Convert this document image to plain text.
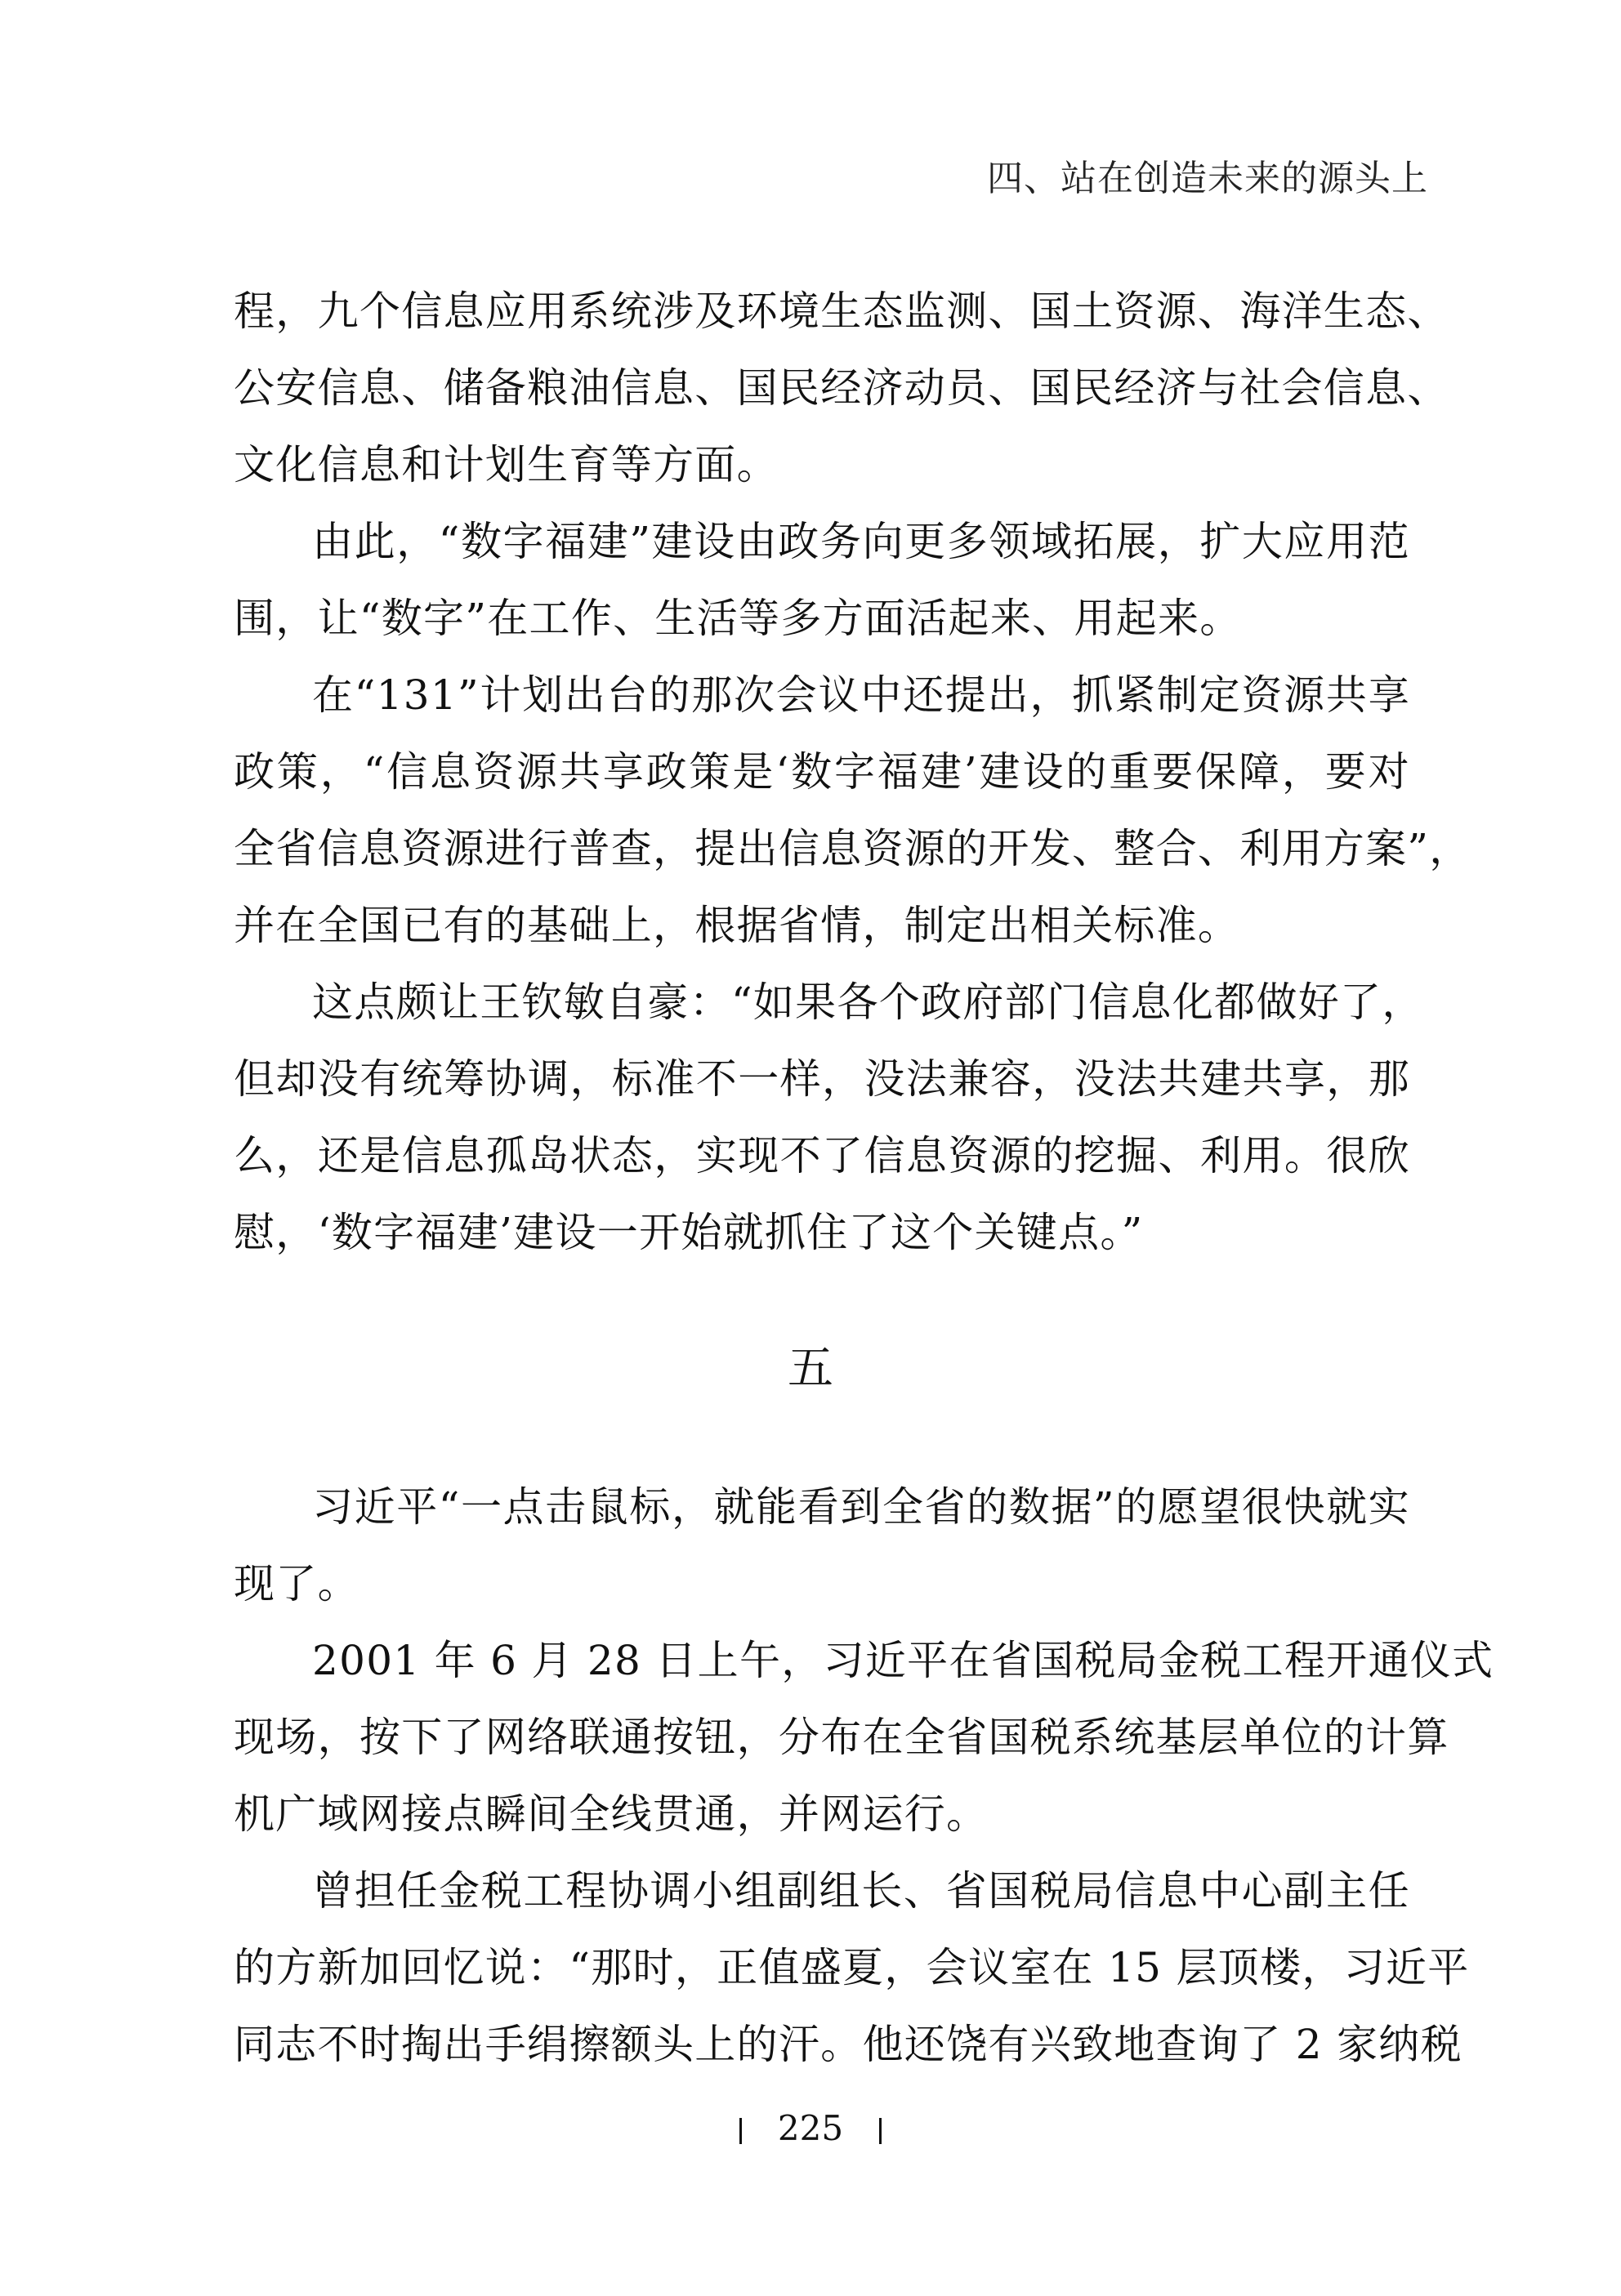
四、站在创造未来的源头上
程，九个信息应用系统涉及环境生态监测、国土资源、海洋生态、
公安信息、储备粮油信息、国民经济动员、国民经济与社会信息、
文化信息和计划生育等方面。
由此，“数字福建”建设由政务向更多领域拓展，扩大应用范
围，让“数字”在工作、生活等多方面活起来、用起来。
在“131”计划出台的那次会议中还提出，抓紧制定资源共享
政策，“信息资源共享政策是‘数字福建’建设的重要保障，要对
全省信息资源进行普查，提出信息资源的开发、整合、利用方案”，
并在全国已有的基础上，根据省情，制定出相关标准。
这点颇让王钦敏自豪：“如果各个政府部门信息化都做好了，
但却没有统筹协调，标准不一样，没法兼容，没法共建共享，那
么，还是信息孤岛状态，实现不了信息资源的挖掘、利用。很欣
慰，‘数字福建’建设一开始就抓住了这个关键点。”
五
习近平“一点击鼠标，就能看到全省的数据”的愿望很快就实
现了。
2001 年 6 月 28 日上午，习近平在省国税局金税工程开通仪式
现场，按下了网络联通按钮，分布在全省国税系统基层单位的计算
机广域网接点瞬间全线贯通，并网运行。
曾担任金税工程协调小组副组长、省国税局信息中心副主任
的方新加回忆说：“那时，正值盛夏，会议室在 15 层顶楼，习近平
同志不时掏出手绢擦额头上的汗。他还饶有兴致地查询了 2 家纳税
225
